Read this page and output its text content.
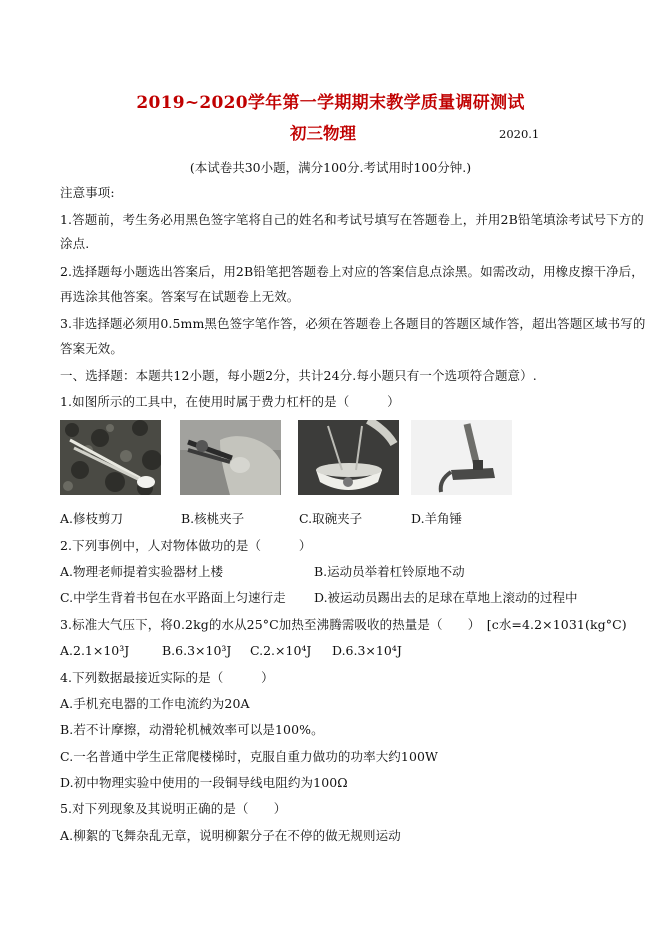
2019~2020学年第一学期期末教学质量调研测试
初三物理	2020.1
(本试卷共30小题，满分100分.考试用时100分钟.)
注意事项:
1.答题前，考生务必用黑色签字笔将自己的姓名和考试号填写在答题卷上，并用2B铅笔填涂考试号下方的
涂点.
2.选择题每小题选出答案后，用2B铅笔把答题卷上对应的答案信息点涂黑。如需改动，用橡皮擦干净后，
再选涂其他答案。答案写在试题卷上无效。
3.非选择题必须用0.5mm黑色签字笔作答，必须在答题卷上各题目的答题区域作答，超出答题区域书写的
答案无效。
一、选择题：本题共12小题，每小题2分，共计24分.每小题只有一个选项符合题意）.
1.如图所示的工具中，在使用时属于费力杠杆的是（　　　）
A.修枝剪刀	B.核桃夹子	C.取碗夹子	D.羊角锤
2.下列事例中，人对物体做功的是（　　　）
A.物理老师提着实验器材上楼	B.运动员举着杠铃原地不动
C.中学生背着书包在水平路面上匀速行走 D.被运动员踢出去的足球在草地上滚动的过程中
3.标准大气压下，将0.2kg的水从25°C加热至沸腾需吸收的热量是（　　）　[c水=4.2×1031(kg°C)
A.2.1×10³J	B.6.3×10³J C.2.×10⁴J D.6.3×10⁴J
4.下列数据最接近实际的是（　　　）
A.手机充电器的工作电流约为20A
B.若不计摩擦，动滑轮机械效率可以是100%。
C.一名普通中学生正常爬楼梯时，克服自重力做功的功率大约100W
D.初中物理实验中使用的一段铜导线电阻约为100Ω
5.对下列现象及其说明正确的是（　　）
A.柳絮的飞舞杂乱无章，说明柳絮分子在不停的做无规则运动
